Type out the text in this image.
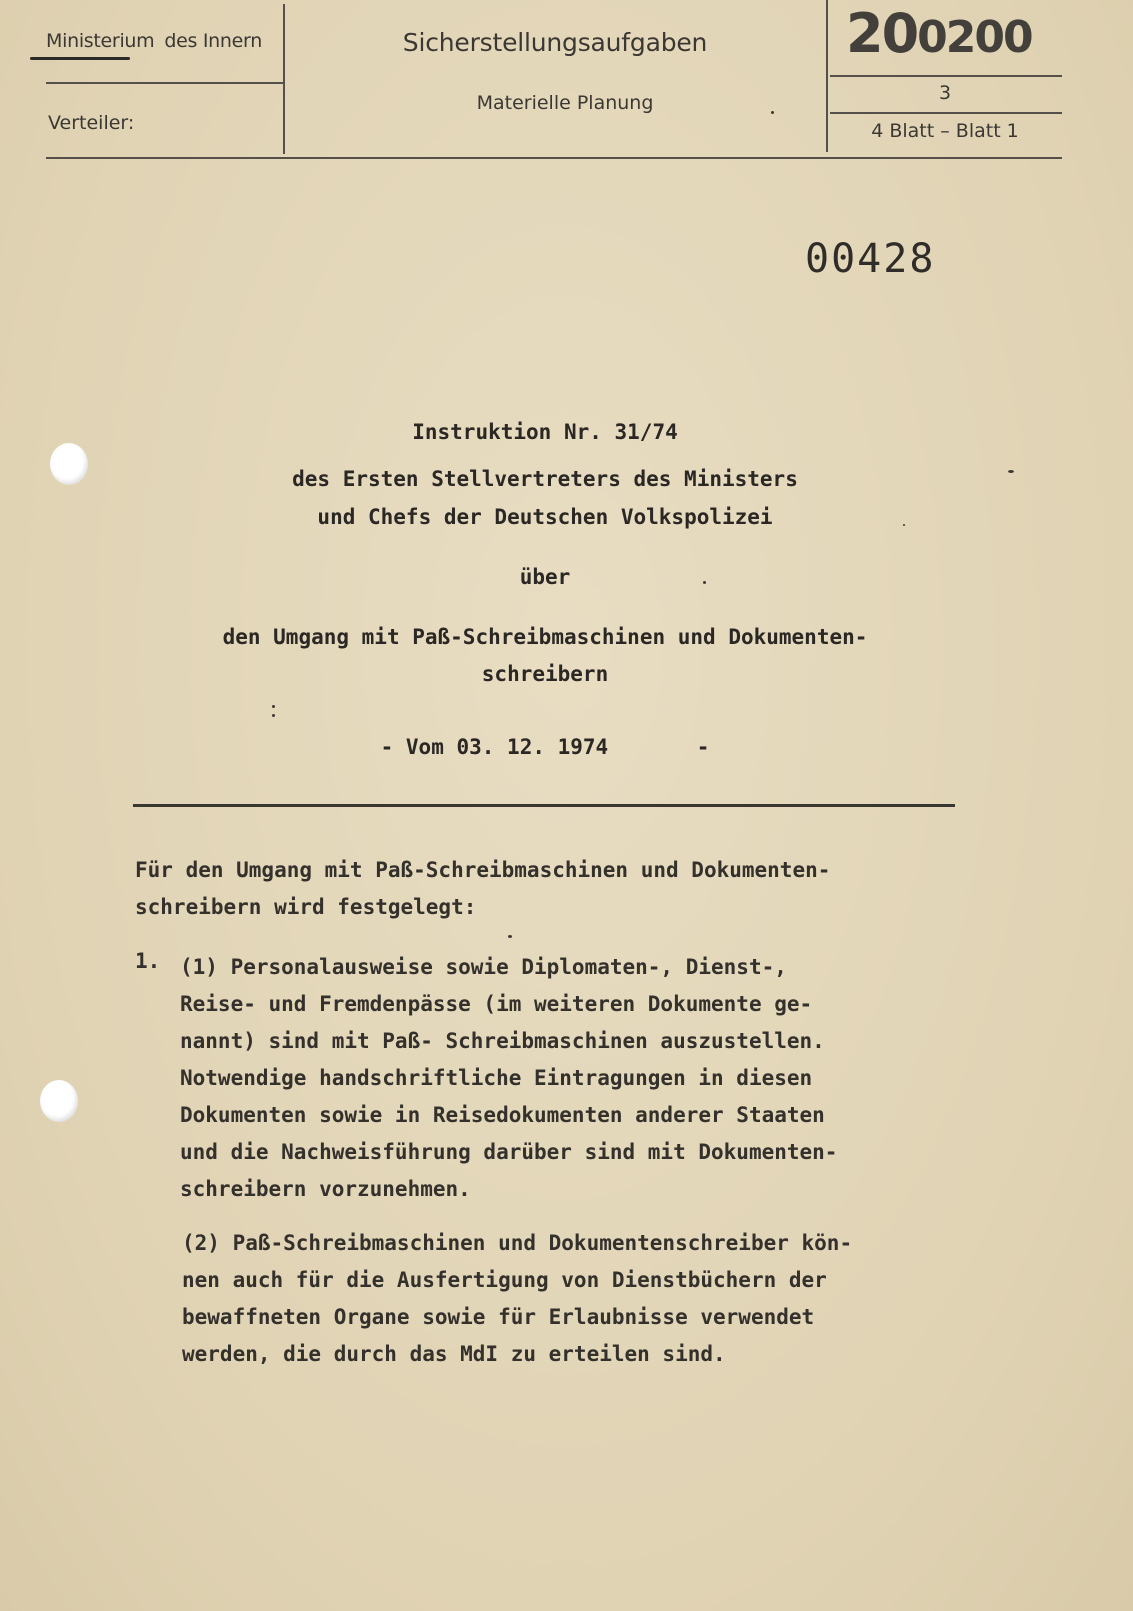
Ministerium des Innern
Verteiler:
Sicherstellungsaufgaben
Materielle Planung
200200
3
4 Blatt – Blatt 1
00428
Instruktion Nr. 31/74
des Ersten Stellvertreters des Ministers
und Chefs der Deutschen Volkspolizei
über
den Umgang mit Paß-Schreibmaschinen und Dokumenten-
schreibern
- Vom 03. 12. 1974       -
Für den Umgang mit Paß-Schreibmaschinen und Dokumenten-
schreibern wird festgelegt:
1. (1) Personalausweise sowie Diplomaten-, Dienst-,
Reise- und Fremdenpässe (im weiteren Dokumente ge-
nannt) sind mit Paß- Schreibmaschinen auszustellen.
Notwendige handschriftliche Eintragungen in diesen
Dokumenten sowie in Reisedokumenten anderer Staaten
und die Nachweisführung darüber sind mit Dokumenten-
schreibern vorzunehmen.
(2) Paß-Schreibmaschinen und Dokumentenschreiber kön-
nen auch für die Ausfertigung von Dienstbüchern der
bewaffneten Organe sowie für Erlaubnisse verwendet
werden, die durch das MdI zu erteilen sind.
